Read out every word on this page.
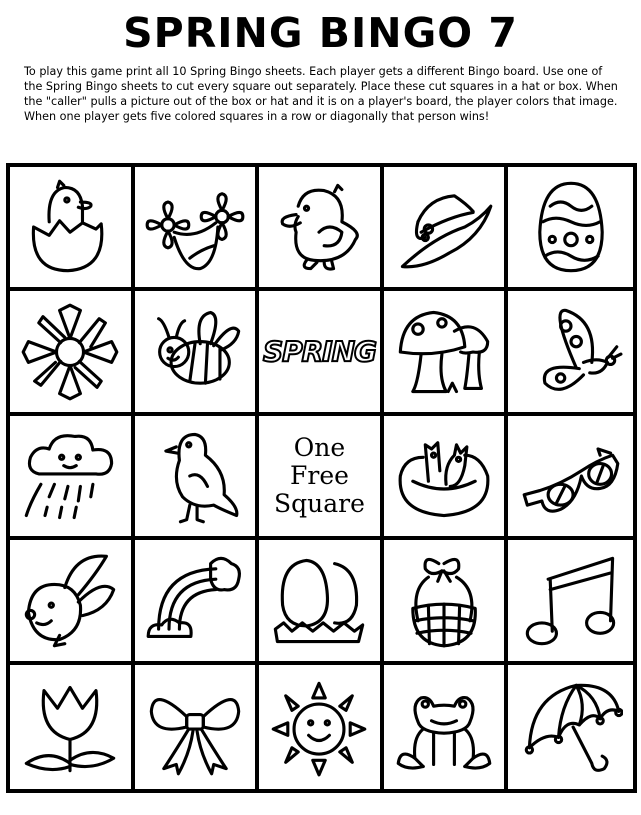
SPRING BINGO 7
To play this game print all 10 Spring Bingo sheets. Each player gets a different Bingo board. Use one of the Spring Bingo sheets to cut every square out separately. Place these cut squares in a hat or box. When the "caller" pulls a picture out of the box or hat and it is on a player's board, the player colors that image. When one player gets five colored squares in a row or diagonally that person wins!
SPRING
One
Free
Square
